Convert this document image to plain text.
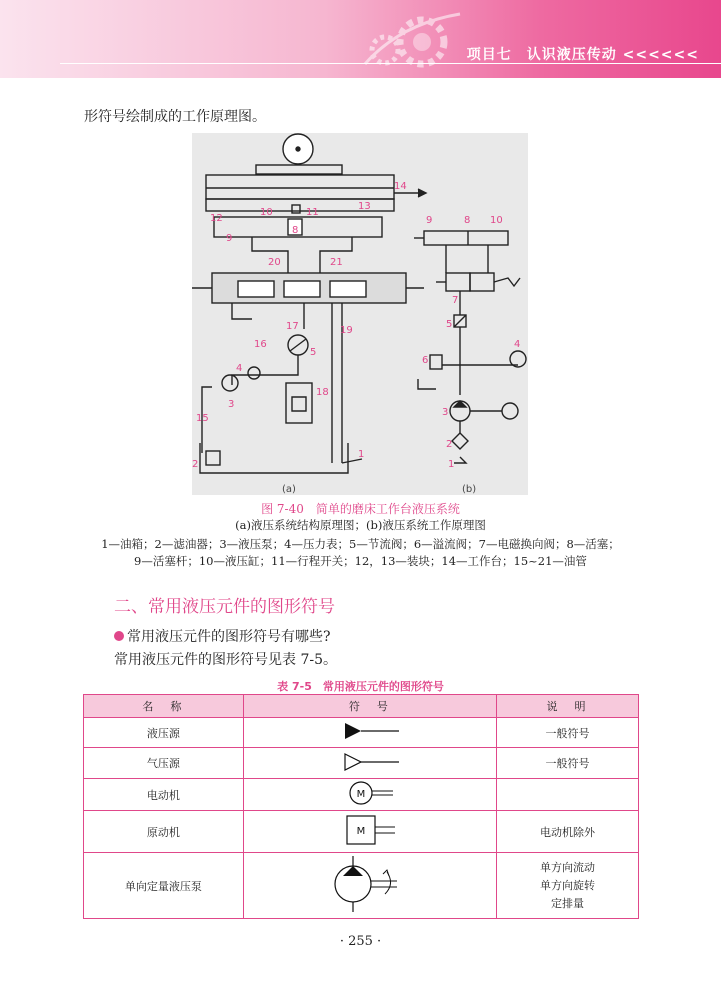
项目七　认识液压传动 <<<<<<
形符号绘制成的工作原理图。
14
13
12
10	11
9
8
20	21
17
16
19
5
4
3
18
15
2
1
9	8 10
7
5
4
6
3
2
1
(a)	(b)
图 7-40　简单的磨床工作台液压系统
(a)液压系统结构原理图；(b)液压系统工作原理图
1—油箱；2—滤油器；3—液压泵；4—压力表；5—节流阀；6—溢流阀；7—电磁换向阀；8—活塞；
9—活塞杆；10—液压缸；11—行程开关；12，13—装块；14—工作台；15~21—油管
二、常用液压元件的图形符号
常用液压元件的图形符号有哪些?
常用液压元件的图形符号见表 7-5。
表 7-5　常用液压元件的图形符号
名　称	符　号	说　明
液压源		一般符号
气压源		一般符号
电动机	M	

原动机	M	电动机除外
单向定量液压泵		单方向流动
单方向旋转
定排量
· 255 ·
